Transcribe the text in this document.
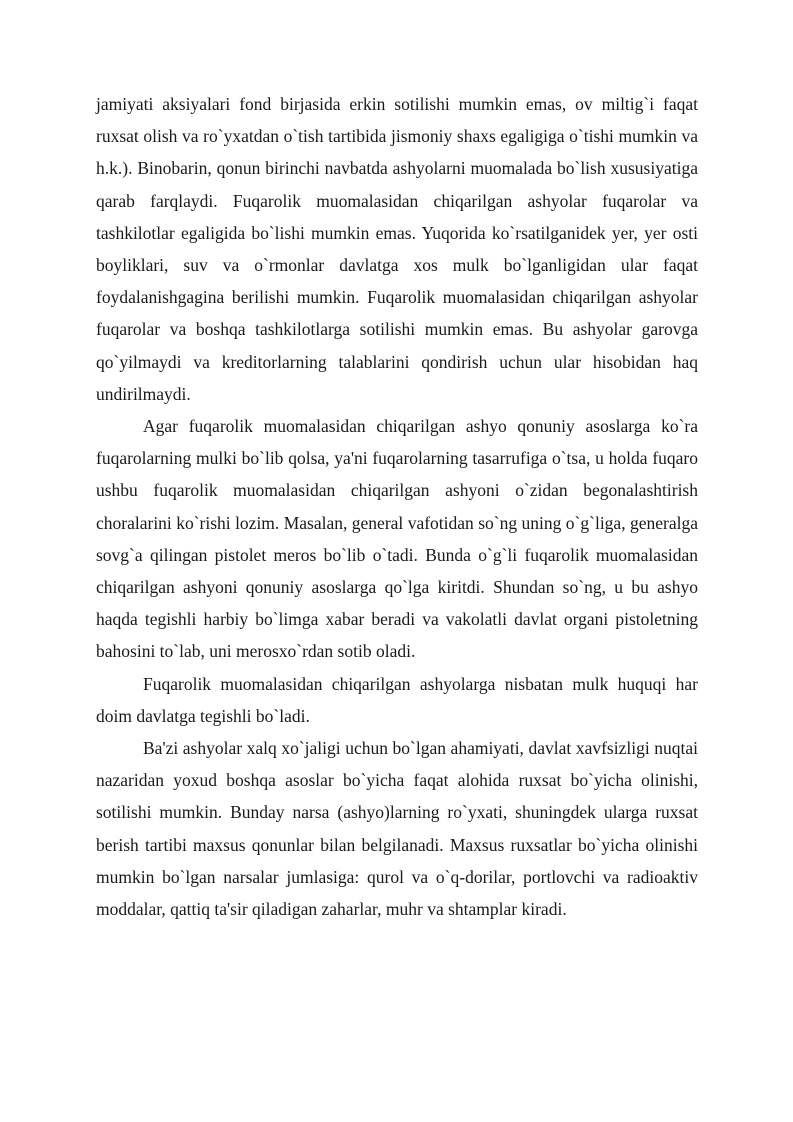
jamiyati aksiyalari fond birjasida erkin sotilishi mumkin emas, ov miltig`i faqat ruxsat olish va ro`yxatdan o`tish tartibida jismoniy shaxs egaligiga o`tishi mumkin va h.k.). Binobarin, qonun birinchi navbatda ashyolarni muomalada bo`lish xususiyatiga qarab farqlaydi. Fuqarolik muomalasidan chiqarilgan ashyolar fuqarolar va tashkilotlar egaligida bo`lishi mumkin emas. Yuqorida ko`rsatilganidek yer, yer osti boyliklari, suv va o`rmonlar davlatga xos mulk bo`lganligidan ular faqat foydalanishgagina berilishi mumkin. Fuqarolik muomalasidan chiqarilgan ashyolar fuqarolar va boshqa tashkilotlarga sotilishi mumkin emas. Bu ashyolar garovga qo`yilmaydi va kreditorlarning talablarini qondirish uchun ular hisobidan haq undirilmaydi.

Agar fuqarolik muomalasidan chiqarilgan ashyo qonuniy asoslarga ko`ra fuqarolarning mulki bo`lib qolsa, ya'ni fuqarolarning tasarrufiga o`tsa, u holda fuqaro ushbu fuqarolik muomalasidan chiqarilgan ashyoni o`zidan begonalashtirish choralarini ko`rishi lozim. Masalan, general vafotidan so`ng uning o`g`liga, generalga sovg`a qilingan pistolet meros bo`lib o`tadi. Bunda o`g`li fuqarolik muomalasidan chiqarilgan ashyoni qonuniy asoslarga qo`lga kiritdi. Shundan so`ng, u bu ashyo haqda tegishli harbiy bo`limga xabar beradi va vakolatli davlat organi pistoletning bahosini to`lab, uni merosxo`rdan sotib oladi.

Fuqarolik muomalasidan chiqarilgan ashyolarga nisbatan mulk huquqi har doim davlatga tegishli bo`ladi.

Ba'zi ashyolar xalq xo`jaligi uchun bo`lgan ahamiyati, davlat xavfsizligi nuqtai nazaridan yoxud boshqa asoslar bo`yicha faqat alohida ruxsat bo`yicha olinishi, sotilishi mumkin. Bunday narsa (ashyo)larning ro`yxati, shuningdek ularga ruxsat berish tartibi maxsus qonunlar bilan belgilanadi. Maxsus ruxsatlar bo`yicha olinishi mumkin bo`lgan narsalar jumlasiga: qurol va o`q-dorilar, portlovchi va radioaktiv moddalar, qattiq ta'sir qiladigan zaharlar, muhr va shtamplar kiradi.
